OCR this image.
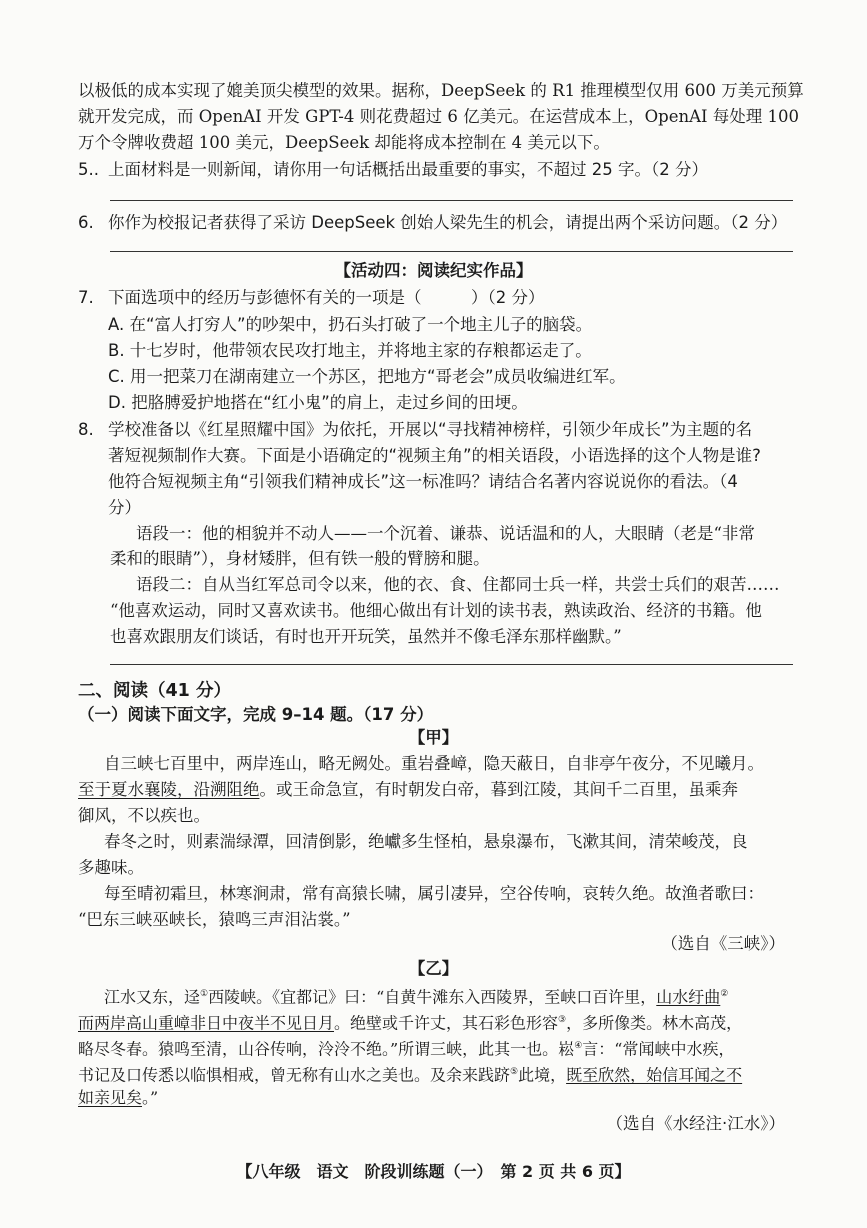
以极低的成本实现了媲美顶尖模型的效果。据称，DeepSeek 的 R1 推理模型仅用 600 万美元预算
就开发完成，而 OpenAI 开发 GPT-4 则花费超过 6 亿美元。在运营成本上，OpenAI 每处理 100
万个令牌收费超 100 美元，DeepSeek 却能将成本控制在 4 美元以下。
5.. 上面材料是一则新闻，请你用一句话概括出最重要的事实，不超过 25 字。（2 分）
6. 你作为校报记者获得了采访 DeepSeek 创始人梁先生的机会，请提出两个采访问题。（2 分）
【活动四：阅读纪实作品】
7. 下面选项中的经历与彭德怀有关的一项是（　　　）（2 分）
A. 在“富人打穷人”的吵架中，扔石头打破了一个地主儿子的脑袋。
B. 十七岁时，他带领农民攻打地主，并将地主家的存粮都运走了。
C. 用一把菜刀在湖南建立一个苏区，把地方“哥老会”成员收编进红军。
D. 把胳膊爱护地搭在“红小鬼”的肩上，走过乡间的田埂。
8. 学校准备以《红星照耀中国》为依托，开展以“寻找精神榜样，引领少年成长”为主题的名
著短视频制作大赛。下面是小语确定的“视频主角”的相关语段，小语选择的这个人物是谁?
他符合短视频主角“引领我们精神成长”这一标准吗？请结合名著内容说说你的看法。（4
分）
语段一：他的相貌并不动人——一个沉着、谦恭、说话温和的人，大眼睛（老是“非常
柔和的眼睛”），身材矮胖，但有铁一般的臂膀和腿。
语段二：自从当红军总司令以来，他的衣、食、住都同士兵一样，共尝士兵们的艰苦……
“他喜欢运动，同时又喜欢读书。他细心做出有计划的读书表，熟读政治、经济的书籍。他
也喜欢跟朋友们谈话，有时也开开玩笑，虽然并不像毛泽东那样幽默。”
二、阅读（41 分）
（一）阅读下面文字，完成 9–14 题。（17 分）
【甲】
自三峡七百里中，两岸连山，略无阙处。重岩叠嶂，隐天蔽日，自非亭午夜分，不见曦月。
至于夏水襄陵，沿溯阻绝。或王命急宣，有时朝发白帝，暮到江陵，其间千二百里，虽乘奔
御风，不以疾也。
春冬之时，则素湍绿潭，回清倒影，绝巘多生怪柏，悬泉瀑布，飞漱其间，清荣峻茂，良
多趣味。
每至晴初霜旦，林寒涧肃，常有高猿长啸，属引凄异，空谷传响，哀转久绝。故渔者歌曰：
“巴东三峡巫峡长，猿鸣三声泪沾裳。”
（选自《三峡》）
【乙】
江水又东，迳①西陵峡。《宜都记》曰：“自黄牛滩东入西陵界，至峡口百许里，山水纡曲②
而两岸高山重嶂非日中夜半不见日月。绝壁或千许丈，其石彩色形容③，多所像类。林木高茂，
略尽冬春。猿鸣至清，山谷传响，泠泠不绝。”所谓三峡，此其一也。崧④言：“常闻峡中水疾，
书记及口传悉以临惧相戒，曾无称有山水之美也。及余来践跻⑤此境，既至欣然，始信耳闻之不
如亲见矣。”
（选自《水经注·江水》）
【八年级　语文　阶段训练题（一）　第 2 页 共 6 页】
